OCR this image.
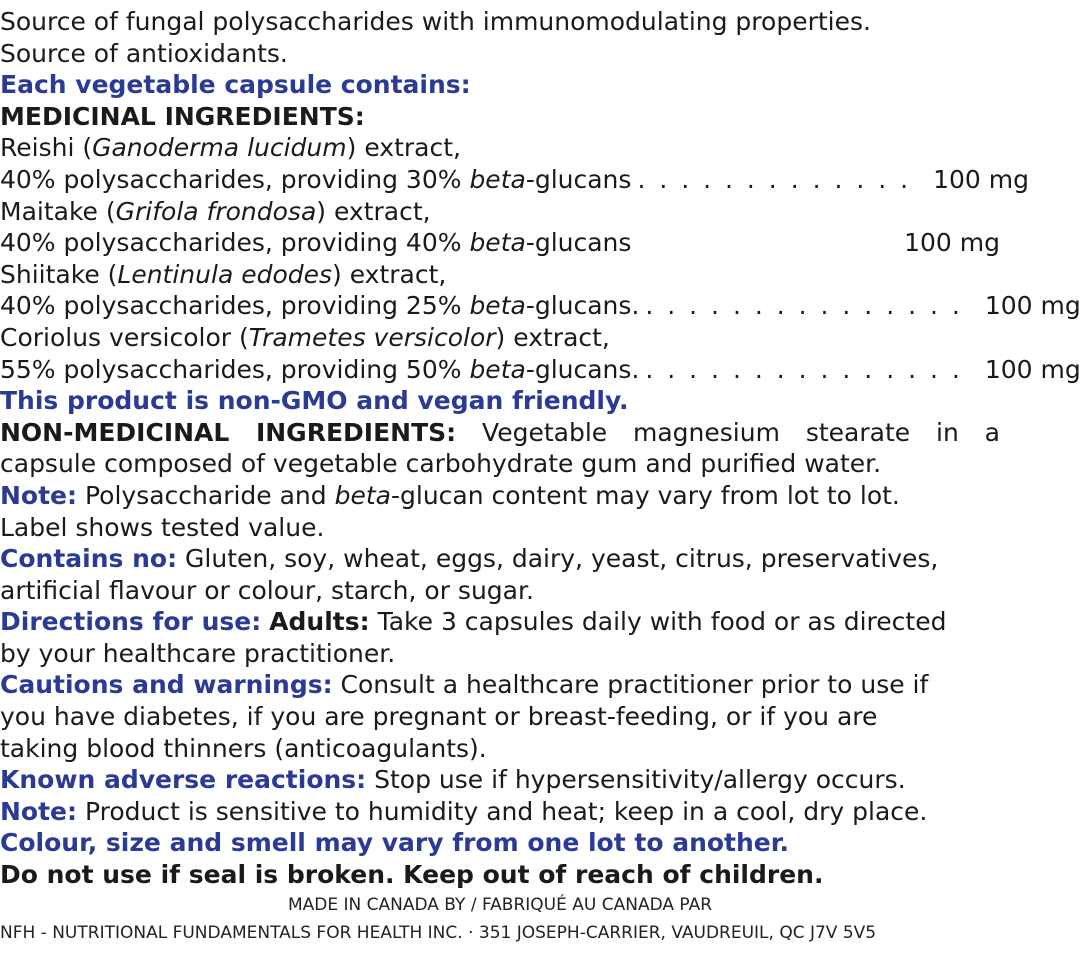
Source of fungal polysaccharides with immunomodulating properties.
Source of antioxidants.
Each vegetable capsule contains:
MEDICINAL INGREDIENTS:
Reishi (Ganoderma lucidum) extract,
40% polysaccharides, providing 30% beta-glucans . . . . . . . . . . . . . 100 mg
Maitake (Grifola frondosa) extract,
40% polysaccharides, providing 40% beta-glucans	100 mg
Shiitake (Lentinula edodes) extract,
40% polysaccharides, providing 25% beta-glucans. . . . . . . . . . . . . . . . 100 mg
Coriolus versicolor (Trametes versicolor) extract,
55% polysaccharides, providing 50% beta-glucans. . . . . . . . . . . . . . . . 100 mg
This product is non-GMO and vegan friendly.
NON-MEDICINAL INGREDIENTS: Vegetable magnesium stearate in a
capsule composed of vegetable carbohydrate gum and purified water.
Note: Polysaccharide and beta-glucan content may vary from lot to lot.
Label shows tested value.
Contains no: Gluten, soy, wheat, eggs, dairy, yeast, citrus, preservatives,
artificial flavour or colour, starch, or sugar.
Directions for use: Adults: Take 3 capsules daily with food or as directed
by your healthcare practitioner.
Cautions and warnings: Consult a healthcare practitioner prior to use if
you have diabetes, if you are pregnant or breast-feeding, or if you are
taking blood thinners (anticoagulants).
Known adverse reactions: Stop use if hypersensitivity/allergy occurs.
Note: Product is sensitive to humidity and heat; keep in a cool, dry place.
Colour, size and smell may vary from one lot to another.
Do not use if seal is broken. Keep out of reach of children.
MADE IN CANADA BY / FABRIQUÉ AU CANADA PAR
NFH - NUTRITIONAL FUNDAMENTALS FOR HEALTH INC. · 351 JOSEPH-CARRIER, VAUDREUIL, QC J7V 5V5
